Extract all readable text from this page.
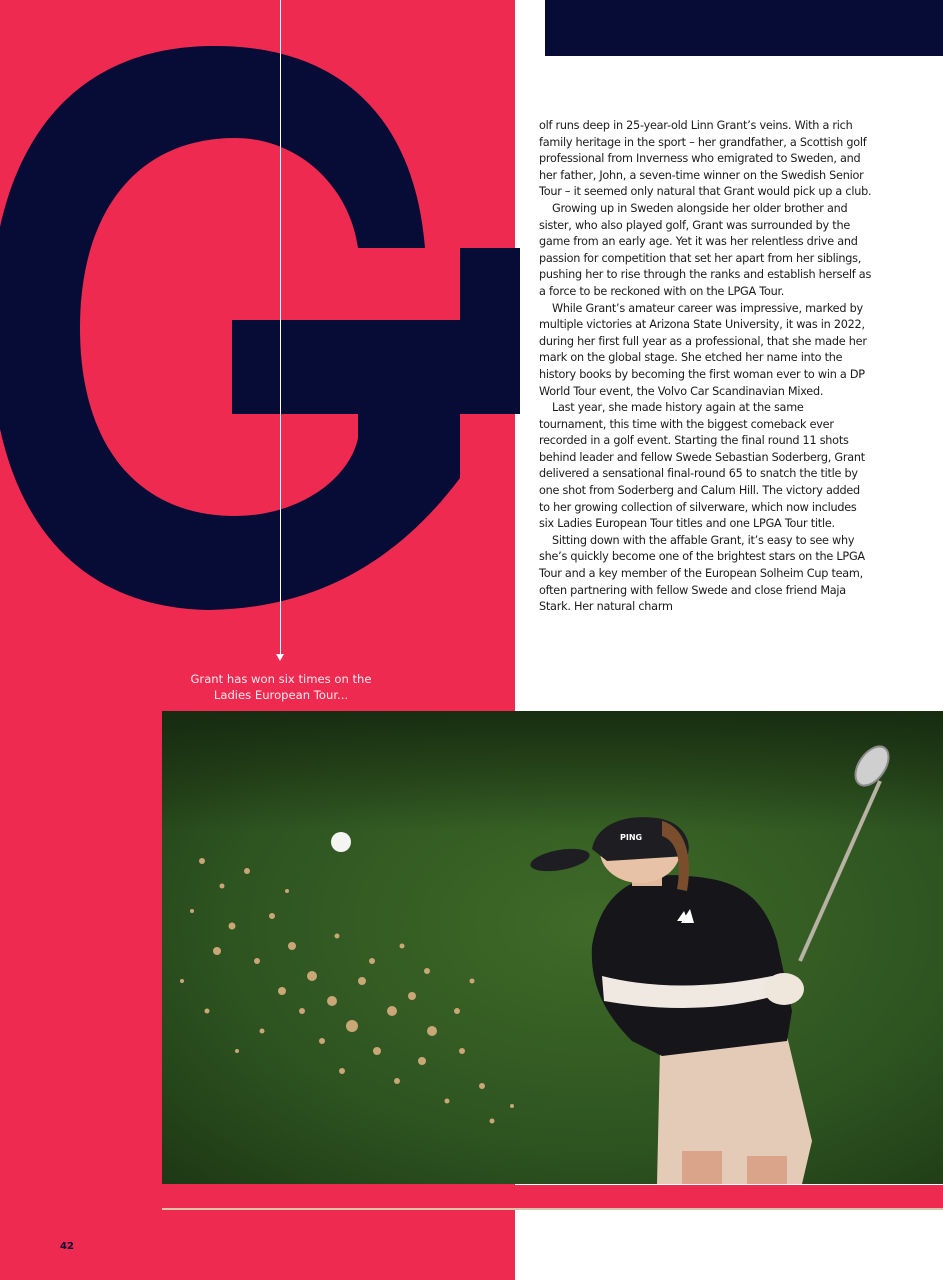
Grant has won six times on the Ladies European Tour...

olf runs deep in 25-year-old Linn Grant’s veins. With a rich family heritage in the sport – her grandfather, a Scottish golf professional from Inverness who emigrated to Sweden, and her father, John, a seven-time winner on the Swedish Senior Tour – it seemed only natural that Grant would pick up a club.

Growing up in Sweden alongside her older brother and sister, who also played golf, Grant was surrounded by the game from an early age. Yet it was her relentless drive and passion for competition that set her apart from her siblings, pushing her to rise through the ranks and establish herself as a force to be reckoned with on the LPGA Tour.

While Grant’s amateur career was impressive, marked by multiple victories at Arizona State University, it was in 2022, during her first full year as a professional, that she made her mark on the global stage. She etched her name into the history books by becoming the first woman ever to win a DP World Tour event, the Volvo Car Scandinavian Mixed.

Last year, she made history again at the same tournament, this time with the biggest comeback ever recorded in a golf event. Starting the final round 11 shots behind leader and fellow Swede Sebastian Soderberg, Grant delivered a sensational final-round 65 to snatch the title by one shot from Soderberg and Calum Hill. The victory added to her growing collection of silverware, which now includes six Ladies European Tour titles and one LPGA Tour title.

Sitting down with the affable Grant, it’s easy to see why she’s quickly become one of the brightest stars on the LPGA Tour and a key member of the European Solheim Cup team, often partnering with fellow Swede and close friend Maja Stark. Her natural charm

PING
42
